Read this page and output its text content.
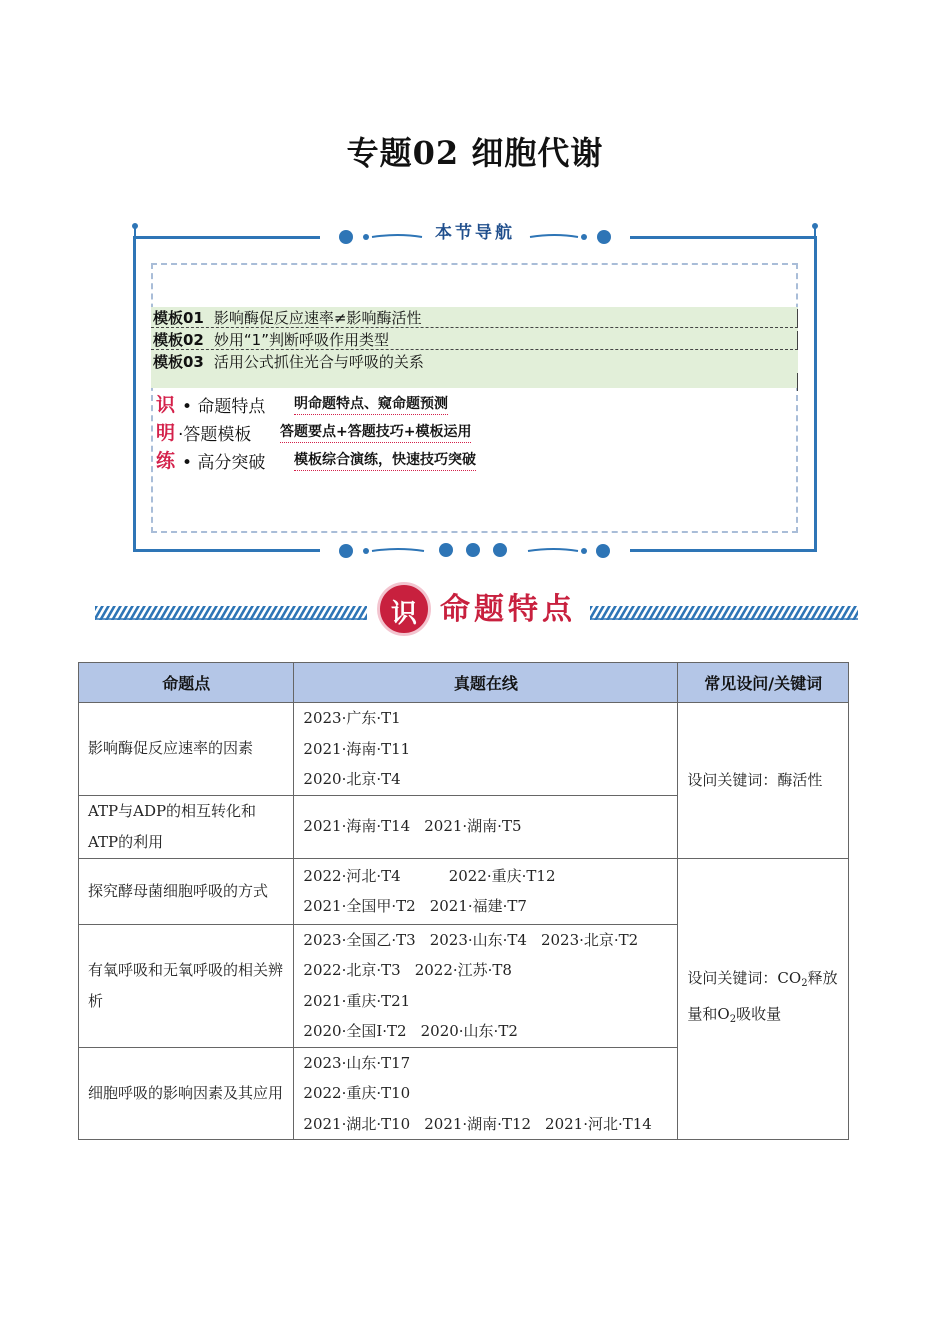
专题02 细胞代谢
本节导航
模板01 影响酶促反应速率≠影响酶活性
模板02 妙用“1”判断呼吸作用类型
模板03 活用公式抓住光合与呼吸的关系
识 • 命题特点 明命题特点、窥命题预测
明 ·答题模板 答题要点+答题技巧+模板运用
练 • 高分突破 模板综合演练，快速技巧突破
识 命题特点
命题点	真题在线	常见设问/关键词
影响酶促反应速率的因素	2023·广东·T1
2021·海南·T11
2020·北京·T4	设问关键词：酶活性
ATP与ADP的相互转化和ATP的利用	2021·海南·T14 2021·湖南·T5	

探究酵母菌细胞呼吸的方式	2022·河北·T4 2022·重庆·T12
2021·全国甲·T2 2021·福建·T7	设问关键词：$CO_2$释放量和$O_2$吸收量
有氧呼吸和无氧呼吸的相关辨析	2023·全国乙·T3 2023·山东·T4 2023·北京·T2
2022·北京·T3 2022·江苏·T8
2021·重庆·T21
2020·全国Ⅰ·T2 2020·山东·T2	

细胞呼吸的影响因素及其应用	2023·山东·T17
2022·重庆·T10
2021·湖北·T10 2021·湖南·T12 2021·河北·T14	
